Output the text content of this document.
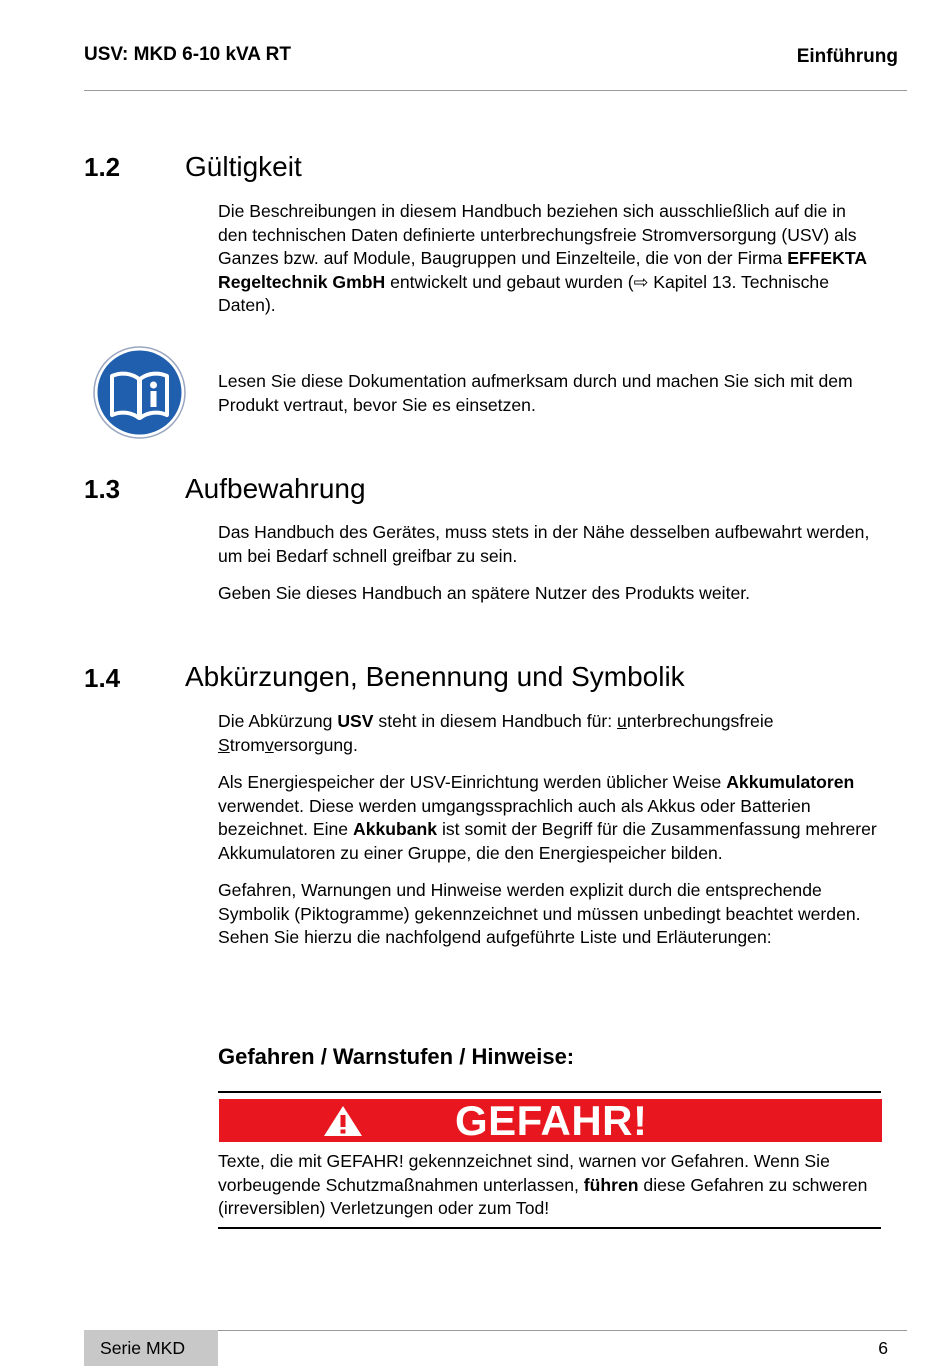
USV: MKD 6-10 kVA RT	Einführung
1.2 Gültigkeit

Die Beschreibungen in diesem Handbuch beziehen sich ausschließlich auf die in den technischen Daten definierte unterbrechungsfreie Stromversorgung (USV) als Ganzes bzw. auf Module, Baugruppen und Einzelteile, die von der Firma EFFEKTA Regeltechnik GmbH entwickelt und gebaut wurden (⇨ Kapitel 13. Technische Daten).

Lesen Sie diese Dokumentation aufmerksam durch und machen Sie sich mit dem Produkt vertraut, bevor Sie es einsetzen.
1.3 Aufbewahrung

Das Handbuch des Gerätes, muss stets in der Nähe desselben aufbewahrt werden, um bei Bedarf schnell greifbar zu sein.

Geben Sie dieses Handbuch an spätere Nutzer des Produkts weiter.

1.4 Abkürzungen, Benennung und Symbolik

Die Abkürzung USV steht in diesem Handbuch für: unterbrechungsfreie Stromversorgung.

Als Energiespeicher der USV-Einrichtung werden üblicher Weise Akkumulatoren verwendet. Diese werden umgangssprachlich auch als Akkus oder Batterien bezeichnet. Eine Akkubank ist somit der Begriff für die Zusammenfassung mehrerer Akkumulatoren zu einer Gruppe, die den Energiespeicher bilden.

Gefahren, Warnungen und Hinweise werden explizit durch die entsprechende Symbolik (Piktogramme) gekennzeichnet und müssen unbedingt beachtet werden. Sehen Sie hierzu die nachfolgend aufgeführte Liste und Erläuterungen:

Gefahren / Warnstufen / Hinweise:
GEFAHR!
Texte, die mit GEFAHR! gekennzeichnet sind, warnen vor Gefahren. Wenn Sie vorbeugende Schutzmaßnahmen unterlassen, führen diese Gefahren zu schweren (irreversiblen) Verletzungen oder zum Tod!
Serie MKD	6
